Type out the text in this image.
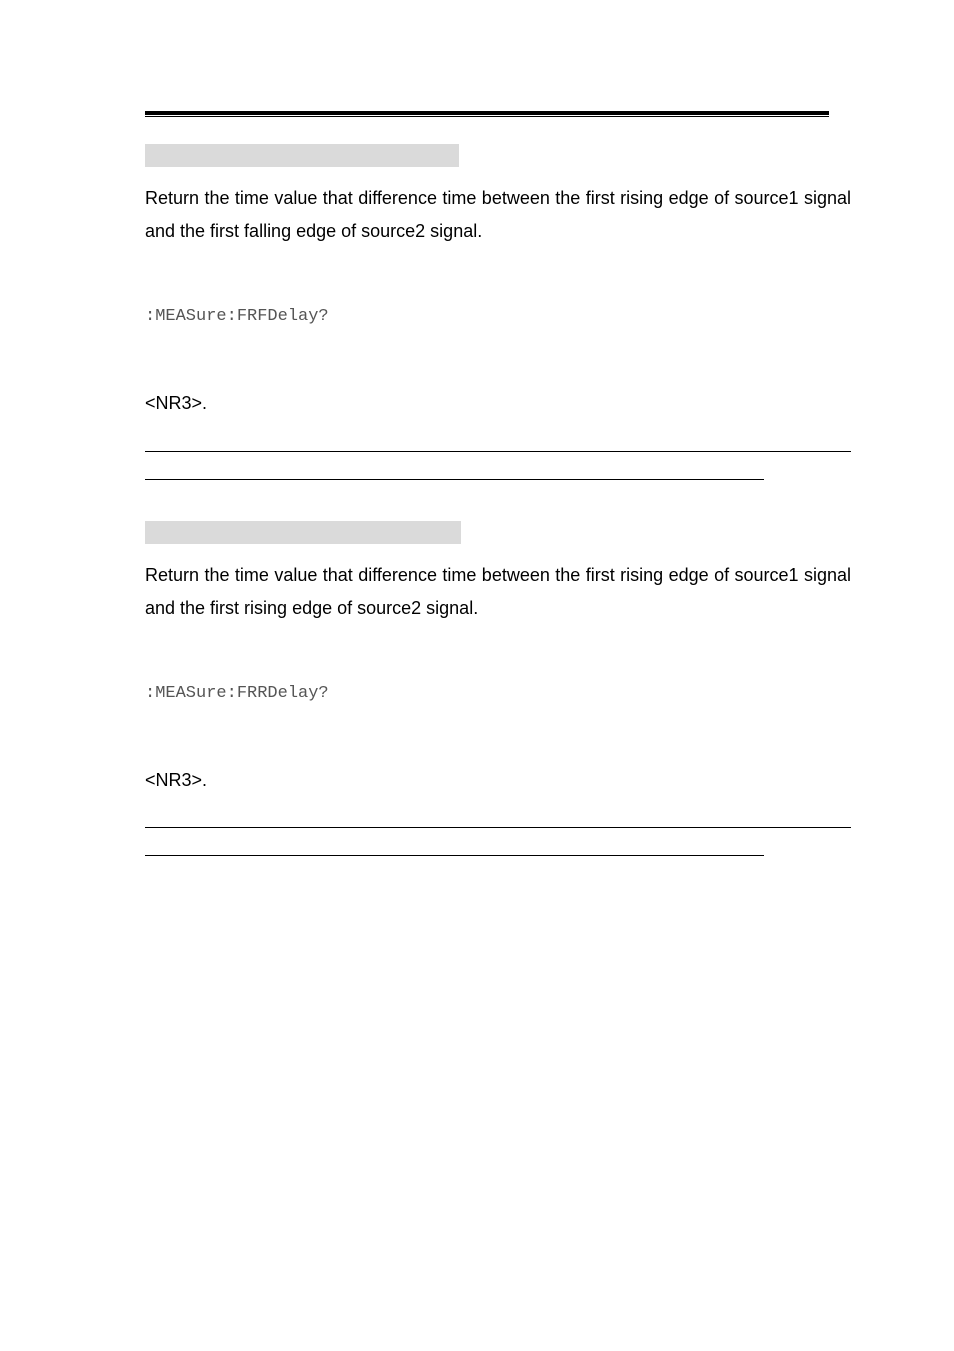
Return the time value that difference time between the first rising edge of source1 signal and the first falling edge of source2 signal.

:MEASure:FRFDelay?

<NR3>.

Return the time value that difference time between the first rising edge of source1 signal and the first rising edge of source2 signal.

:MEASure:FRRDelay?

<NR3>.
